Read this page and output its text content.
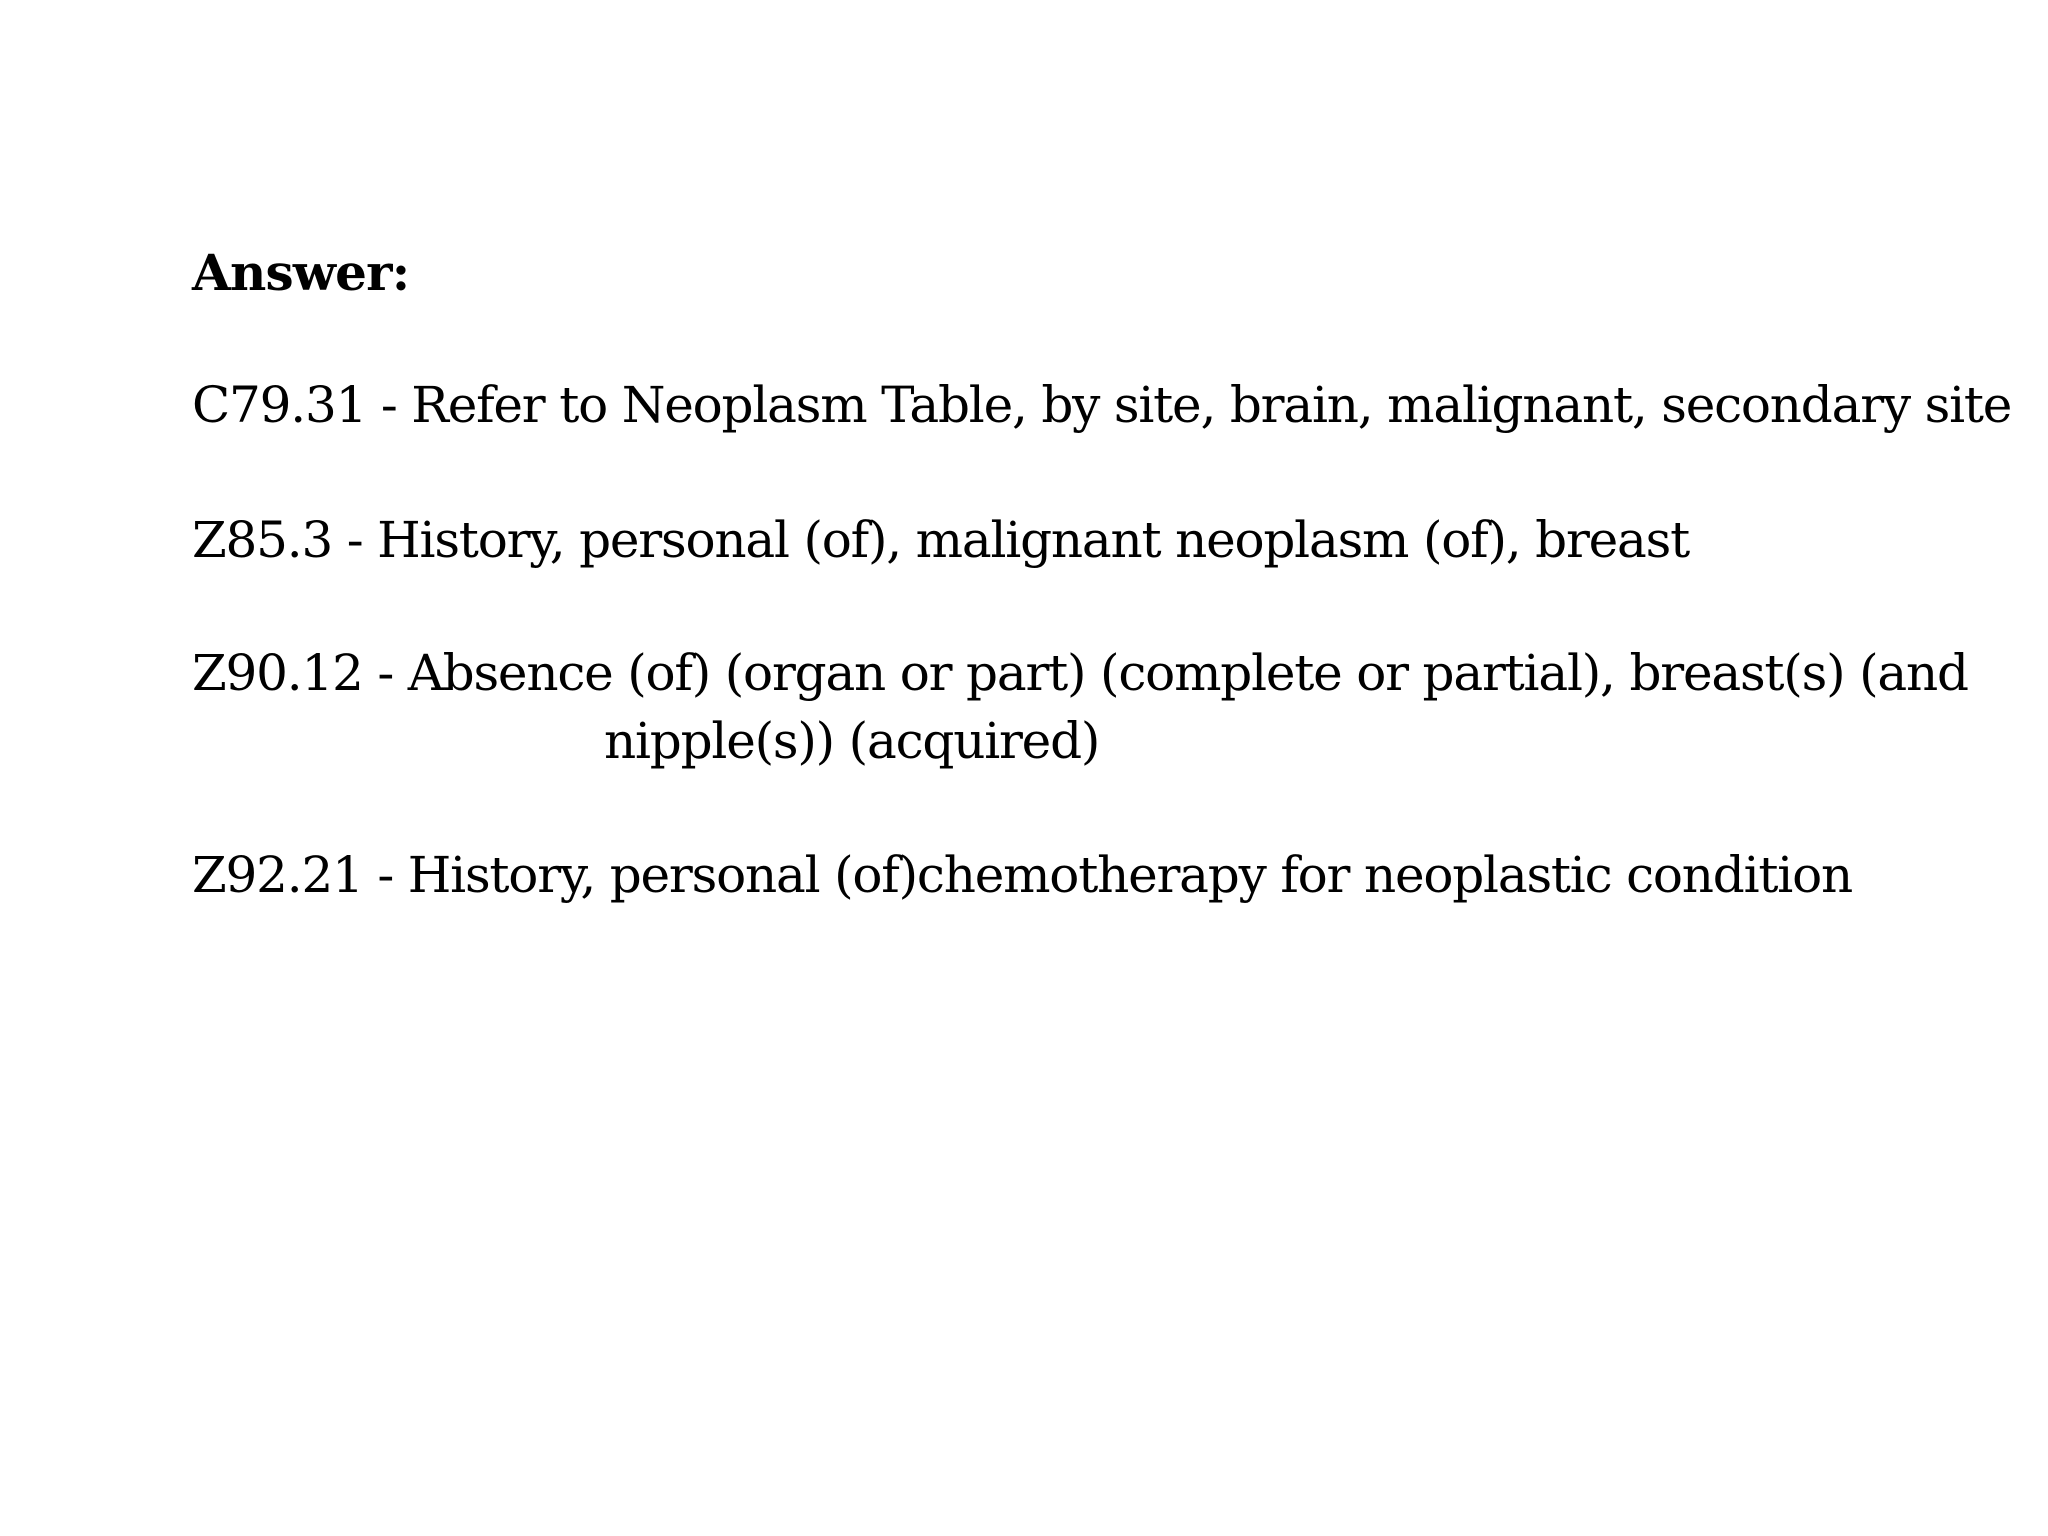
Answer:
C79.31 - Refer to Neoplasm Table, by site, brain, malignant, secondary site
Z85.3 - History, personal (of), malignant neoplasm (of), breast
Z90.12 - Absence (of) (organ or part) (complete or partial), breast(s) (and
nipple(s)) (acquired)
Z92.21 - History, personal (of)chemotherapy for neoplastic condition
